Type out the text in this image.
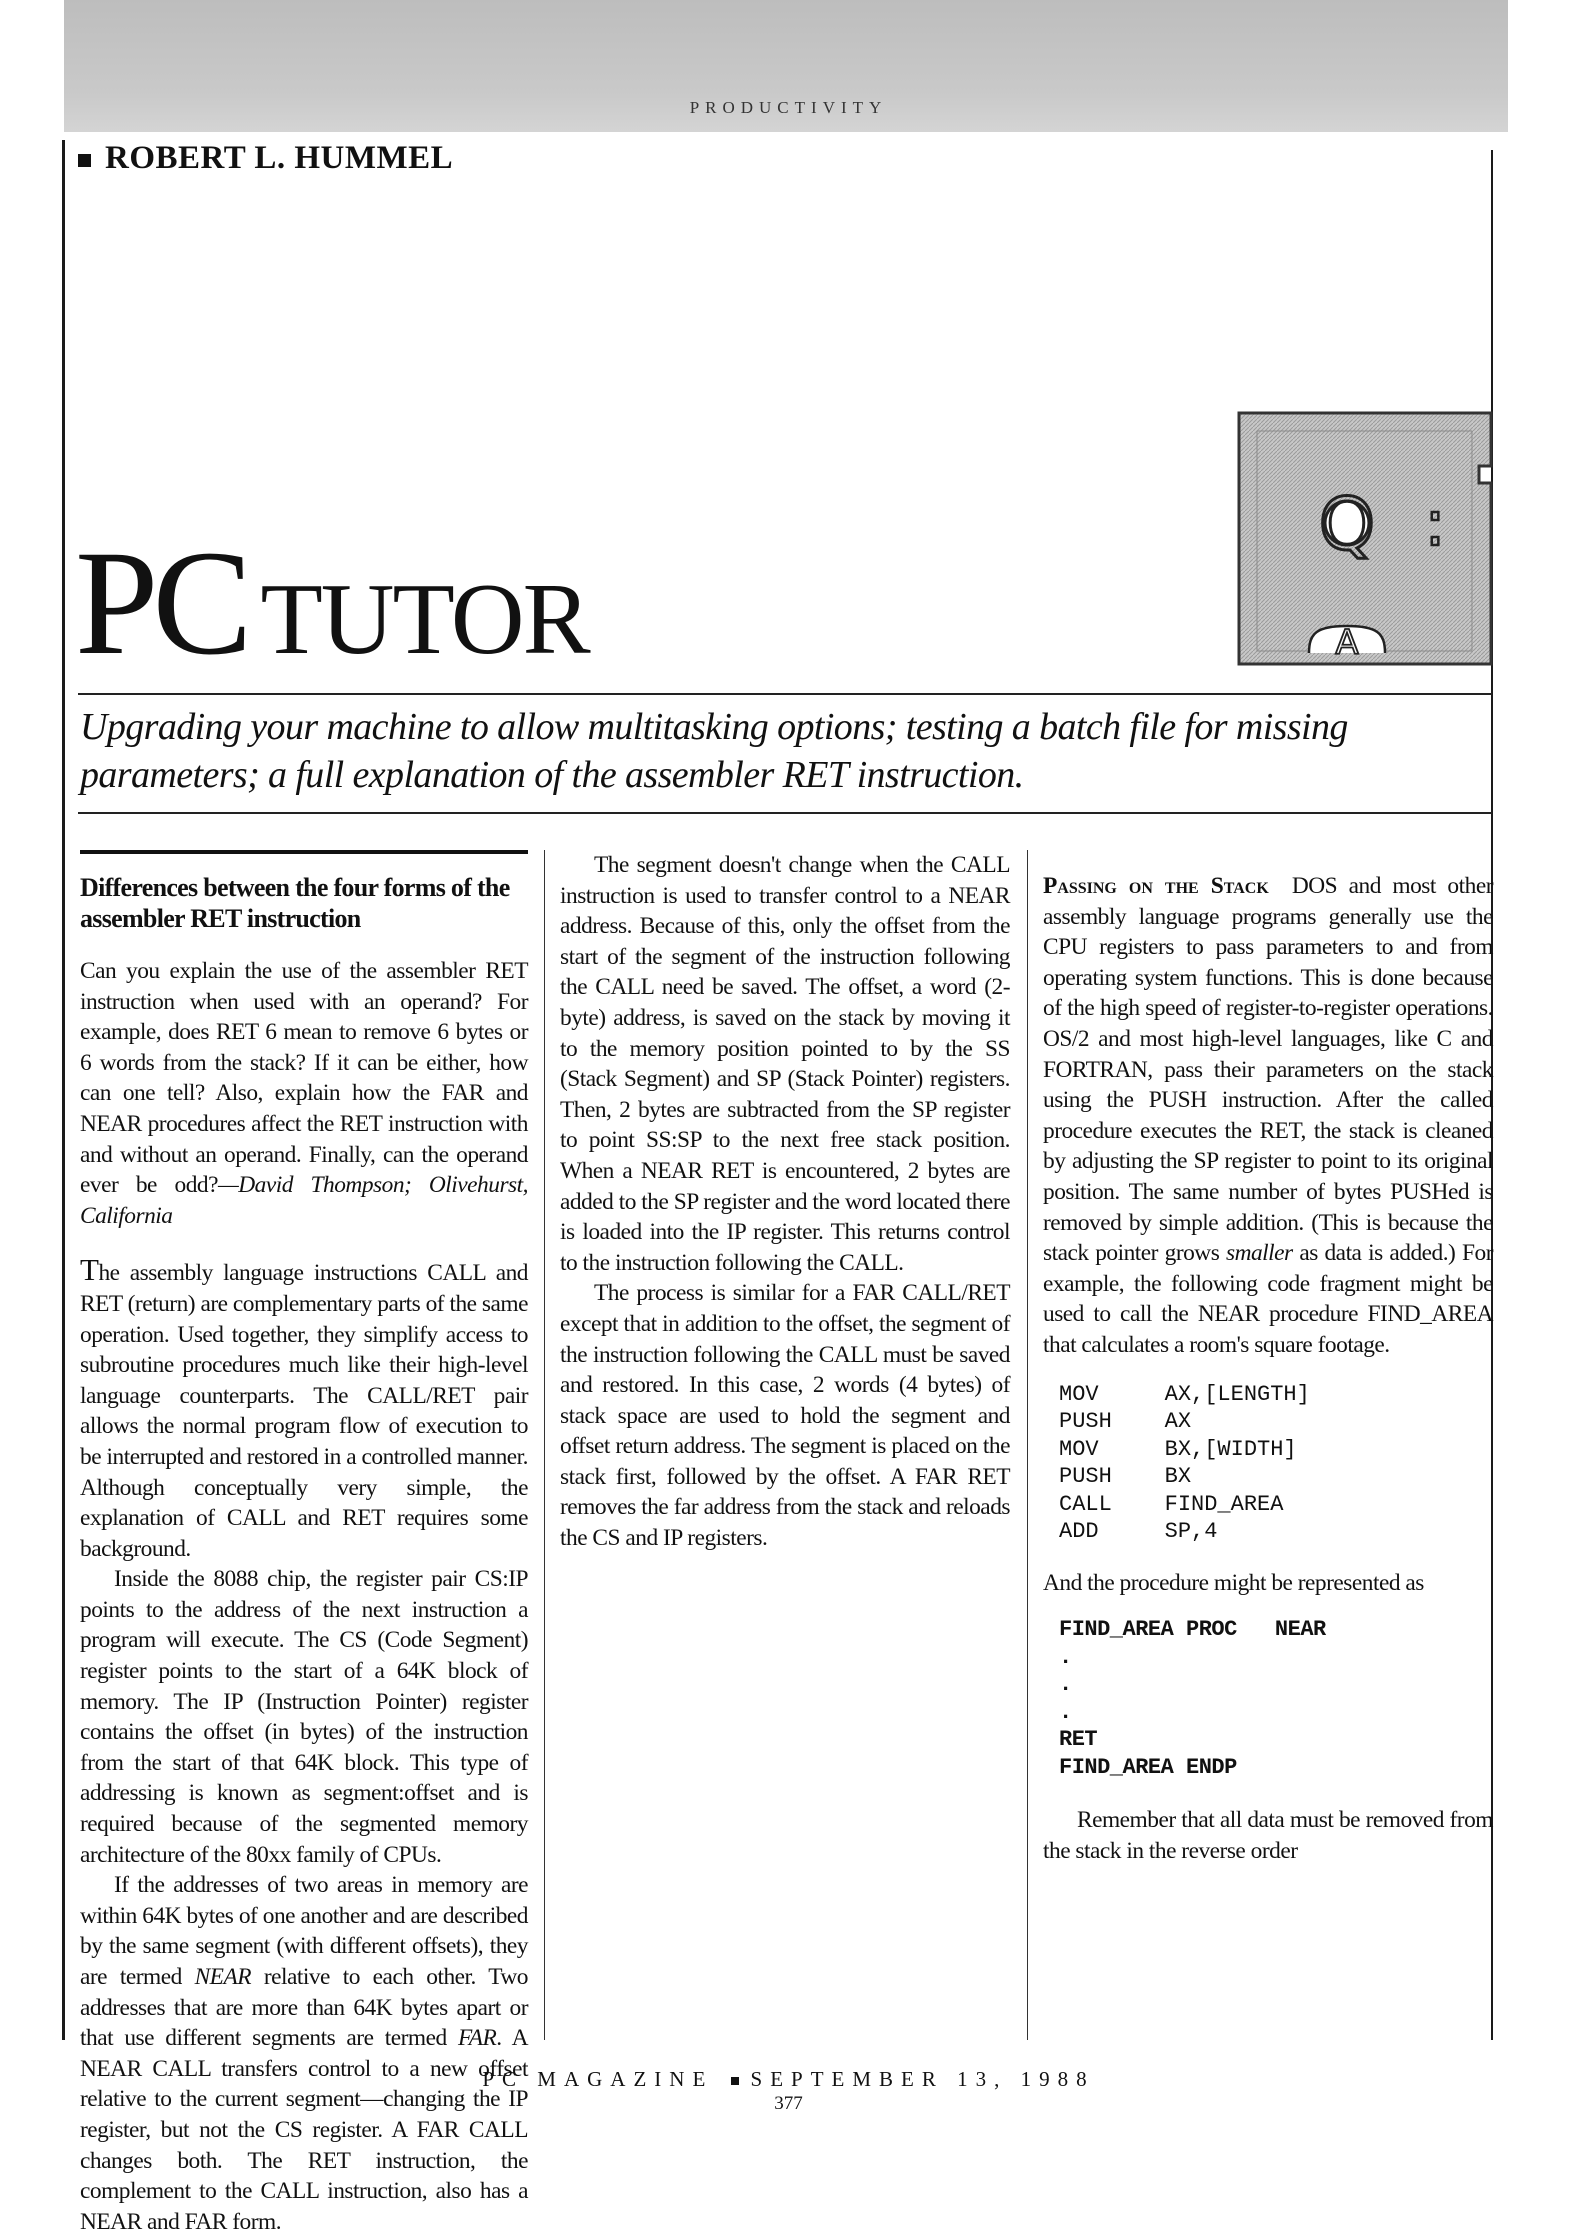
PRODUCTIVITY
ROBERT L. HUMMEL
PC TUTOR
Q :
A
Upgrading your machine to allow multitasking options; testing a batch file for missing parameters; a full explanation of the assembler RET instruction.

Differences between the four forms of the assembler RET instruction

Can you explain the use of the assembler RET instruction when used with an operand? For example, does RET 6 mean to remove 6 bytes or 6 words from the stack? If it can be either, how can one tell? Also, explain how the FAR and NEAR procedures affect the RET instruction with and without an operand. Finally, can the operand ever be odd?—David Thompson; Olivehurst, California

The assembly language instructions CALL and RET (return) are complementary parts of the same operation. Used together, they simplify access to subroutine procedures much like their high-level language counterparts. The CALL/RET pair allows the normal program flow of execution to be interrupted and restored in a controlled manner. Although conceptually very simple, the explanation of CALL and RET requires some background.

Inside the 8088 chip, the register pair CS:IP points to the address of the next instruction a program will execute. The CS (Code Segment) register points to the start of a 64K block of memory. The IP (Instruction Pointer) register contains the offset (in bytes) of the instruction from the start of that 64K block. This type of addressing is known as segment:offset and is required because of the segmented memory architecture of the 80xx family of CPUs.

If the addresses of two areas in memory are within 64K bytes of one another and are described by the same segment (with different offsets), they are termed NEAR relative to each other. Two addresses that are more than 64K bytes apart or that use different segments are termed FAR. A NEAR CALL transfers control to a new offset relative to the current segment—changing the IP register, but not the CS register. A FAR CALL changes both. The RET instruction, the complement to the CALL instruction, also has a NEAR and FAR form.

The segment doesn't change when the CALL instruction is used to transfer control to a NEAR address. Because of this, only the offset from the start of the segment of the instruction following the CALL need be saved. The offset, a word (2-byte) address, is saved on the stack by moving it to the memory position pointed to by the SS (Stack Segment) and SP (Stack Pointer) registers. Then, 2 bytes are subtracted from the SP register to point SS:SP to the next free stack position. When a NEAR RET is encountered, 2 bytes are added to the SP register and the word located there is loaded into the IP register. This returns control to the instruction following the CALL.

The process is similar for a FAR CALL/RET except that in addition to the offset, the segment of the instruction following the CALL must be saved and restored. In this case, 2 words (4 bytes) of stack space are used to hold the segment and offset return address. The segment is placed on the stack first, followed by the offset. A FAR RET removes the far address from the stack and reloads the CS and IP registers.

Passing on the Stack DOS and most other assembly language programs generally use the CPU registers to pass parameters to and from operating system functions. This is done because of the high speed of register-to-register operations. OS/2 and most high-level languages, like C and FORTRAN, pass their parameters on the stack using the PUSH instruction. After the called procedure executes the RET, the stack is cleaned by adjusting the SP register to point to its original position. The same number of bytes PUSHed is removed by simple addition. (This is because the stack pointer grows smaller as data is added.) For example, the following code fragment might be used to call the NEAR procedure FIND_AREA that calculates a room's square footage.

MOV     AX,[LENGTH]
PUSH    AX
MOV     BX,[WIDTH]
PUSH    BX
CALL    FIND_AREA
ADD     SP,4

And the procedure might be represented as

FIND_AREA PROC   NEAR
.
.
.
RET
FIND_AREA ENDP

Remember that all data must be removed from the stack in the reverse order

PC MAGAZINE SEPTEMBER 13, 1988
377
